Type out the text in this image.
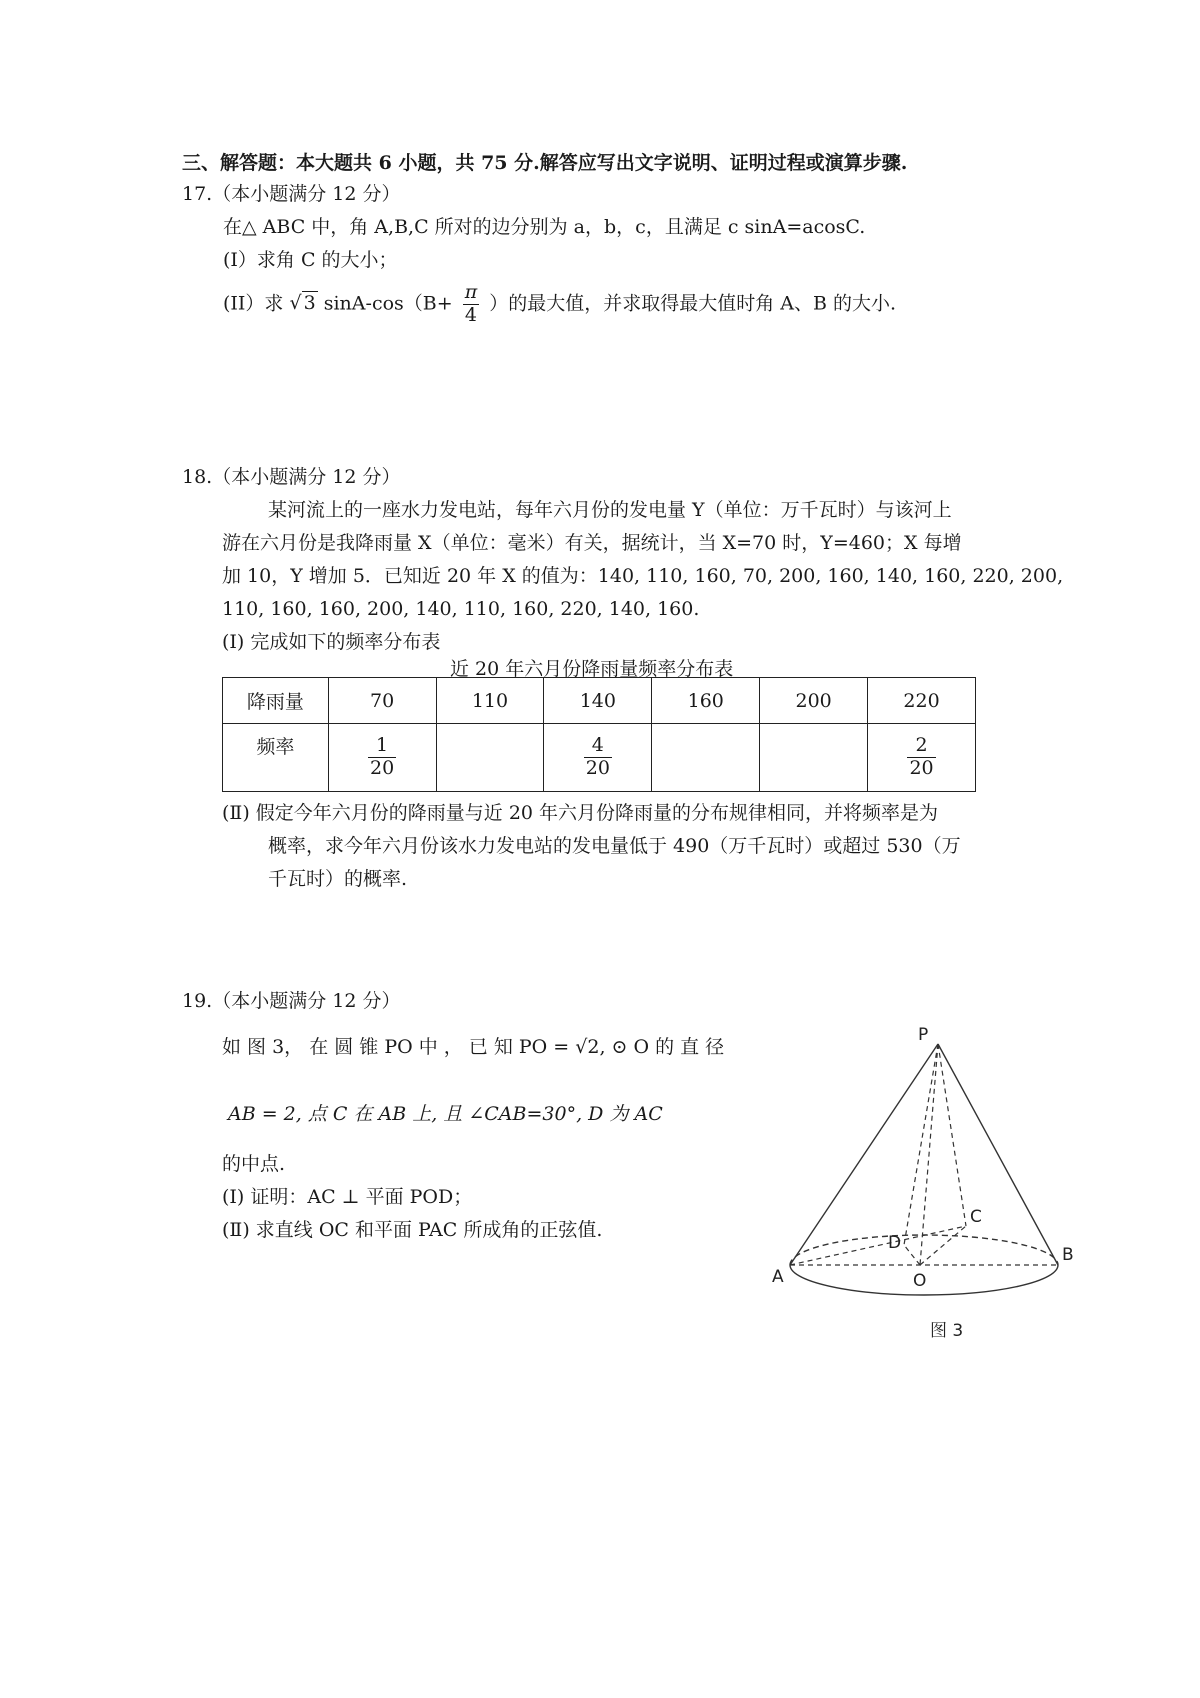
三、解答题：本大题共 6 小题，共 75 分.解答应写出文字说明、证明过程或演算步骤.
17.（本小题满分 12 分）
在△ ABC 中，角 A,B,C 所对的边分别为 a，b，c，且满足 c sinA=acosC.
(I）求角 C 的大小；
(II）求 √ 3 $\sin A-\cos(B+ \frac{\pi}{4}$ ）的最大值，并求取得最大值时角 A、B 的大小.
18.（本小题满分 12 分）
某河流上的一座水力发电站，每年六月份的发电量 Y（单位：万千瓦时）与该河上
游在六月份是我降雨量 X（单位：毫米）有关，据统计，当 X=70 时，Y=460；X 每增
加 10，Y 增加 5．已知近 20 年 X 的值为：140, 110, 160, 70, 200, 160, 140, 160, 220, 200,
110, 160, 160, 200, 140, 110, 160, 220, 140, 160.
(Ⅰ) 完成如下的频率分布表
近 20 年六月份降雨量频率分布表
降雨量	70	110	140	160	200	220
频率	$\frac{1}{20}$		$\frac{4}{20}$			$\frac{2}{20}$
(Ⅱ) 假定今年六月份的降雨量与近 20 年六月份降雨量的分布规律相同，并将频率是为
概率，求今年六月份该水力发电站的发电量低于 490（万千瓦时）或超过 530（万
千瓦时）的概率.
19.（本小题满分 12 分）
如 图 3， 在 圆 锥 PO 中 ， 已 知 PO = √2, ⊙ O 的 直 径
AB = 2, 点 C 在 AB 上, 且 ∠CAB=30°, D 为 AC
的中点.
(Ⅰ) 证明：AC ⊥ 平面 POD；
(Ⅱ) 求直线 OC 和平面 PAC 所成角的正弦值.
P
A
B
C
D
O
图 3
